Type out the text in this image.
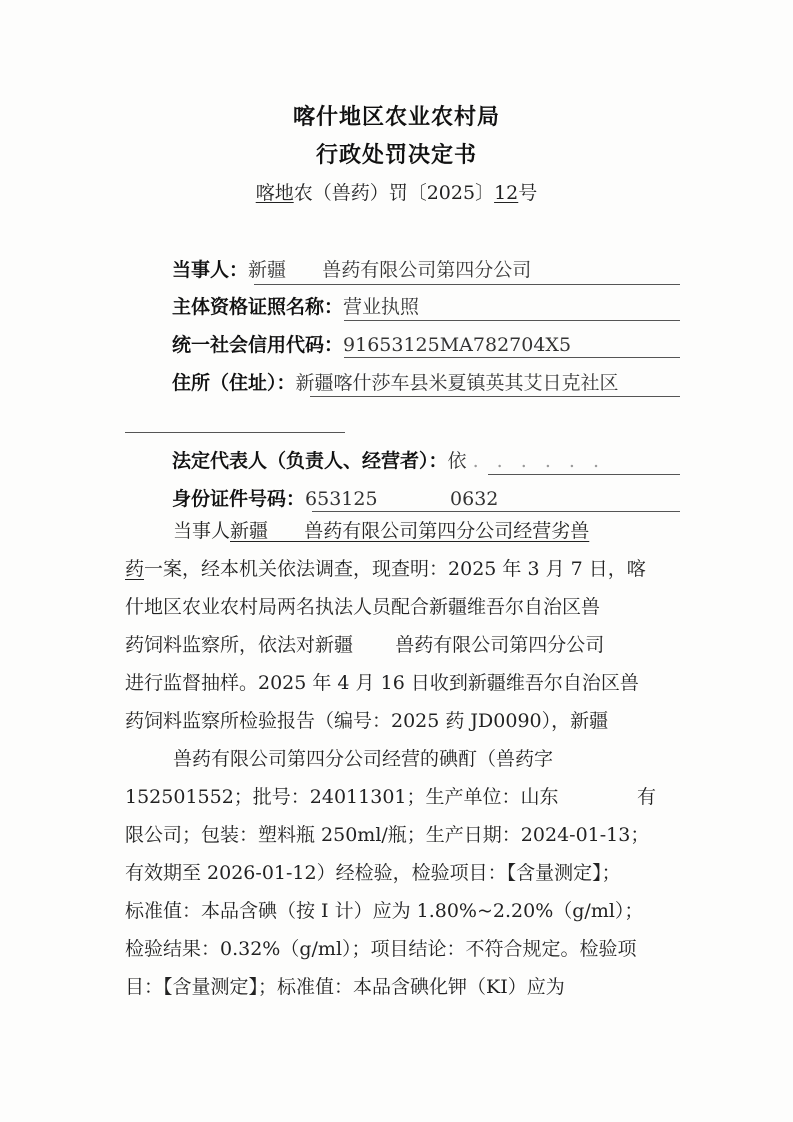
喀什地区农业农村局
行政处罚决定书
喀地农（兽药）罚〔2025〕12号
当事人：新疆      兽药有限公司第四分公司
主体资格证照名称：营业执照
统一社会信用代码：91653125MA782704X5
住所（住址）：新疆喀什莎车县米夏镇英其艾日克社区
法定代表人（负责人、经营者）：依 . . . . . .
身份证件号码：653125            0632
当事人新疆      兽药有限公司第四分公司经营劣兽
药一案，经本机关依法调查，现查明：2025 年 3 月 7 日，喀
什地区农业农村局两名执法人员配合新疆维吾尔自治区兽
药饲料监察所，依法对新疆       兽药有限公司第四分公司
进行监督抽样。2025 年 4 月 16 日收到新疆维吾尔自治区兽
药饲料监察所检验报告（编号：2025 药 JD0090），新疆
兽药有限公司第四分公司经营的碘酊（兽药字
152501552；批号：24011301；生产单位：山东             有
限公司；包装：塑料瓶 250ml/瓶；生产日期：2024-01-13；
有效期至 2026-01-12）经检验，检验项目：【含量测定】；
标准值：本品含碘（按 I 计）应为 1.80%~2.20%（g/ml）；
检验结果：0.32%（g/ml）；项目结论：不符合规定。检验项
目：【含量测定】；标准值：本品含碘化钾（KI）应为
